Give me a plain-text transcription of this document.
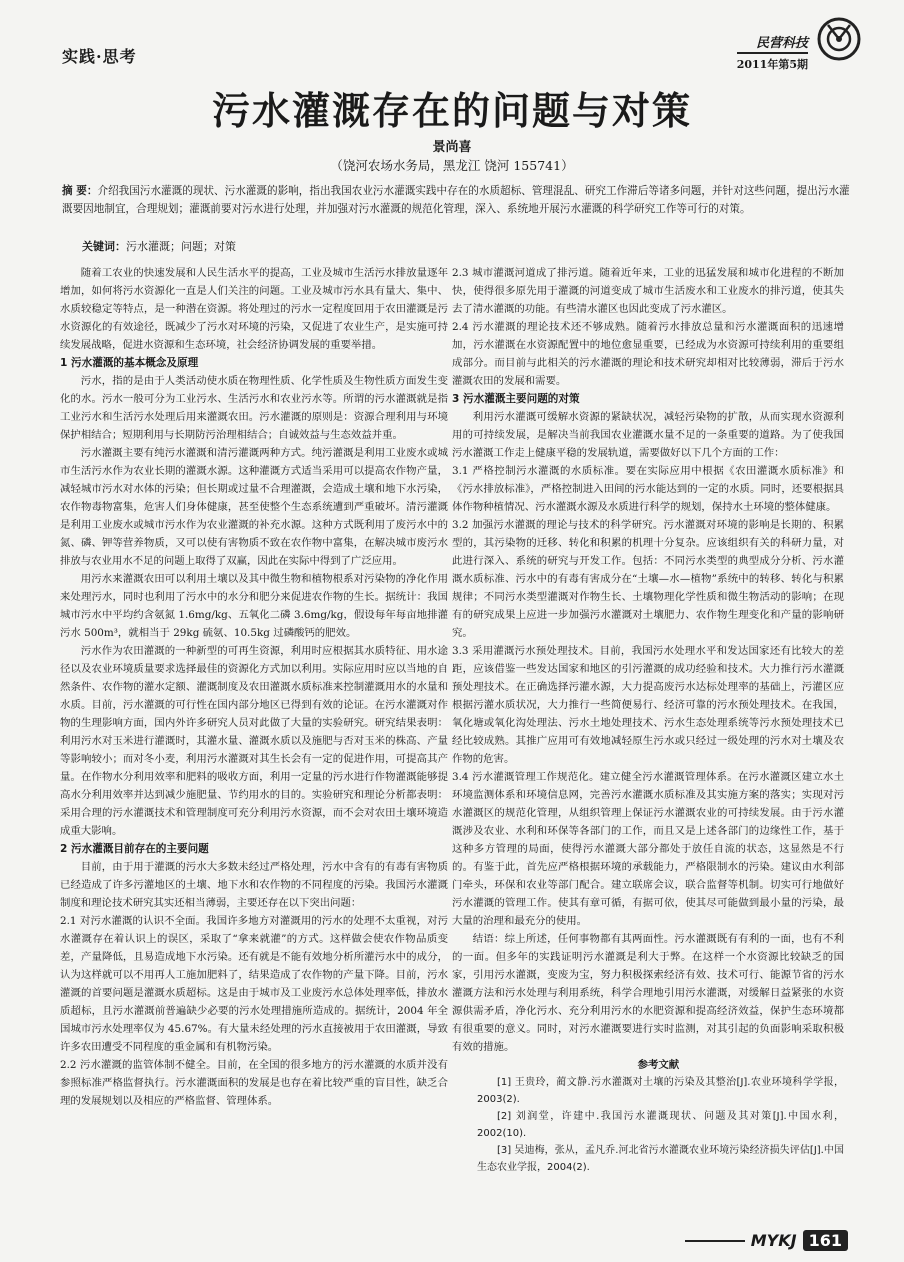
实践·思考
民营科技
2011年第5期
污水灌溉存在的问题与对策
景尚喜
（饶河农场水务局，黑龙江 饶河 155741）
摘 要：介绍我国污水灌溉的现状、污水灌溉的影响，指出我国农业污水灌溉实践中存在的水质超标、管理混乱、研究工作滞后等诸多问题，并针对这些问题，提出污水灌溉要因地制宜，合理规划；灌溉前要对污水进行处理，并加强对污水灌溉的规范化管理，深入、系统地开展污水灌溉的科学研究工作等可行的对策。
关键词：污水灌溉；问题；对策

随着工农业的快速发展和人民生活水平的提高，工业及城市生活污水排放量逐年增加，如何将污水资源化一直是人们关注的问题。工业及城市污水具有量大、集中、水质较稳定等特点，是一种潜在资源。将处理过的污水一定程度回用于农田灌溉是污水资源化的有效途径，既减少了污水对环境的污染，又促进了农业生产，是实施可持续发展战略，促进水资源和生态环境，社会经济协调发展的重要举措。

1 污水灌溉的基本概念及原理

污水，指的是由于人类活动使水质在物理性质、化学性质及生物性质方面发生变化的水。污水一般可分为工业污水、生活污水和农业污水等。所谓的污水灌溉就是指工业污水和生活污水处理后用来灌溉农田。污水灌溉的原则是：资源合理利用与环境保护相结合；短期利用与长期防污治理相结合；自诚效益与生态效益并重。

污水灌溉主要有纯污水灌溉和清污灌溉两种方式。纯污灌溉是利用工业废水或城市生活污水作为农业长期的灌溉水源。这种灌溉方式适当采用可以提高农作物产量，减轻城市污水对水体的污染；但长期或过量不合理灌溉，会造成土壤和地下水污染，农作物毒物富集，危害人们身体健康，甚至使整个生态系统遭到严重破坏。清污灌溉是利用工业废水或城市污水作为农业灌溉的补充水源。这种方式既利用了废污水中的氮、磷、钾等营养物质，又可以使有害物质不致在农作物中富集，在解决城市废污水排放与农业用水不足的问题上取得了双赢，因此在实际中得到了广泛应用。

用污水来灌溉农田可以利用土壤以及其中微生物和植物根系对污染物的净化作用来处理污水，同时也利用了污水中的水分和肥分来促进农作物的生长。据统计：我国城市污水中平均约含氨氮 1.6mg/kg、五氧化二磷 3.6mg/kg，假设每年每亩地排灌污水 500m³，就相当于 29kg 硫氨、10.5kg 过磷酸钙的肥效。

污水作为农田灌溉的一种新型的可再生资源，利用时应根据其水质特征、用水途径以及农业环境质量要求选择最佳的资源化方式加以利用。实际应用时应以当地的自然条件、农作物的灌水定额、灌溉制度及农田灌溉水质标准来控制灌溉用水的水量和水质。目前，污水灌溉的可行性在国内部分地区已得到有效的论证。在污水灌溉对作物的生理影响方面，国内外许多研究人员对此做了大量的实验研究。研究结果表明：利用污水对玉米进行灌溉时，其灌水量、灌溉水质以及施肥与否对玉米的株高、产量等影响较小；而对冬小麦，利用污水灌溉对其生长会有一定的促进作用，可提高其产量。在作物水分利用效率和肥料的吸收方面，利用一定量的污水进行作物灌溉能够提高水分利用效率并达到减少施肥量、节约用水的目的。实验研究和理论分析都表明：采用合理的污水灌溉技术和管理制度可充分利用污水资源，而不会对农田土壤环境造成重大影响。

2 污水灌溉目前存在的主要问题

目前，由于用于灌溉的污水大多数未经过严格处理，污水中含有的有毒有害物质已经造成了许多污灌地区的土壤、地下水和农作物的不同程度的污染。我国污水灌溉制度和理论技术研究其实还相当薄弱，主要还存在以下突出问题：

2.1 对污水灌溉的认识不全面。我国许多地方对灌溉用的污水的处理不太重视，对污水灌溉存在着认识上的误区，采取了“拿来就灌”的方式。这样做会使农作物品质变差，产量降低，且易造成地下水污染。还有就是不能有效地分析所灌污水中的成分，认为这样就可以不用再人工施加肥料了，结果造成了农作物的产量下降。目前，污水灌溉的首要问题是灌溉水质超标。这是由于城市及工业废污水总体处理率低，排放水质超标，且污水灌溉前普遍缺少必要的污水处理措施所造成的。据统计，2004 年全国城市污水处理率仅为 45.67%。有大量未经处理的污水直接被用于农田灌溉，导致许多农田遭受不同程度的重金属和有机物污染。

2.2 污水灌溉的监管体制不健全。目前，在全国的很多地方的污水灌溉的水质并没有参照标准严格监督执行。污水灌溉面积的发展是也存在着比较严重的盲目性，缺乏合理的发展规划以及相应的严格监督、管理体系。

2.3 城市灌溉河道成了排污道。随着近年来，工业的迅猛发展和城市化进程的不断加快，使得很多原先用于灌溉的河道变成了城市生活废水和工业废水的排污道，使其失去了清水灌溉的功能。有些清水灌区也因此变成了污水灌区。

2.4 污水灌溉的理论技术还不够成熟。随着污水排放总量和污水灌溉面积的迅速增加，污水灌溉在水资源配置中的地位愈显重要，已经成为水资源可持续利用的重要组成部分。而目前与此相关的污水灌溉的理论和技术研究却相对比较薄弱，滞后于污水灌溉农田的发展和需要。

3 污水灌溉主要问题的对策

利用污水灌溉可缓解水资源的紧缺状况，减轻污染物的扩散，从而实现水资源利用的可持续发展，是解决当前我国农业灌溉水量不足的一条重要的道路。为了使我国污水灌溉工作走上健康平稳的发展轨道，需要做好以下几个方面的工作：

3.1 严格控制污水灌溉的水质标准。要在实际应用中根据《农田灌溉水质标准》和《污水排放标准》，严格控制进入田间的污水能达到的一定的水质。同时，还要根据具体作物种植情况、污水灌溉水源及水质进行科学的规划，保持水土环境的整体健康。

3.2 加强污水灌溉的理论与技术的科学研究。污水灌溉对环境的影响是长期的、积累型的，其污染物的迁移、转化和积累的机理十分复杂。应该组织有关的科研力量，对此进行深入、系统的研究与开发工作。包括：不同污水类型的典型成分分析、污水灌溉水质标准、污水中的有毒有害成分在“土壤—水—植物”系统中的转移、转化与积累规律；不同污水类型灌溉对作物生长、土壤物理化学性质和微生物活动的影响；在现有的研究成果上应进一步加强污水灌溉对土壤肥力、农作物生理变化和产量的影响研究。

3.3 采用灌溉污水预处理技术。目前，我国污水处理水平和发达国家还有比较大的差距，应该借鉴一些发达国家和地区的引污灌溉的成功经验和技术。大力推行污水灌溉预处理技术。在正确选择污灌水源，大力提高废污水达标处理率的基础上，污灌区应根据污灌水质状况，大力推行一些简便易行、经济可靠的污水预处理技术。在我国，氧化塘或氧化沟处理法、污水土地处理技术、污水生态处理系统等污水预处理技术已经比较成熟。其推广应用可有效地减轻原生污水或只经过一级处理的污水对土壤及农作物的危害。

3.4 污水灌溉管理工作规范化。建立健全污水灌溉管理体系。在污水灌溉区建立水土环境监测体系和环境信息网，完善污水灌溉水质标准及其实施方案的落实；实现对污水灌溉区的规范化管理，从组织管理上保证污水灌溉农业的可持续发展。由于污水灌溉涉及农业、水利和环保等各部门的工作，而且又是上述各部门的边缘性工作，基于这种多方管理的局面，使得污水灌溉大部分都处于放任自流的状态，这显然是不行的。有鉴于此，首先应严格根据环境的承载能力，严格限制水的污染。建议由水利部门牵头，环保和农业等部门配合。建立联席会议，联合监督等机制。切实可行地做好污水灌溉的管理工作。使其有章可循，有据可依，使其尽可能做到最小量的污染，最大量的治理和最充分的使用。

结语：综上所述，任何事物都有其两面性。污水灌溉既有有利的一面，也有不利的一面。但多年的实践证明污水灌溉是利大于弊。在这样一个水资源比较缺乏的国家，引用污水灌溉，变废为宝，努力积极探索经济有效、技术可行、能源节省的污水灌溉方法和污水处理与利用系统，科学合理地引用污水灌溉，对缓解日益紧张的水资源供需矛盾，净化污水、充分利用污水的水肥资源和提高经济效益，保护生态环境都有很重要的意义。同时，对污水灌溉要进行实时监测，对其引起的负面影响采取积极有效的措施。

参考文献

[1] 王贵玲，蔺文静.污水灌溉对土壤的污染及其整治[J].农业环境科学学报，2003(2).

[2] 刘润堂，许建中.我国污水灌溉现状、问题及其对策[J].中国水利，2002(10).

[3] 吴迪梅，张从，孟凡乔.河北省污水灌溉农业环境污染经济损失评估[J].中国生态农业学报，2004(2).

MYKJ 161
